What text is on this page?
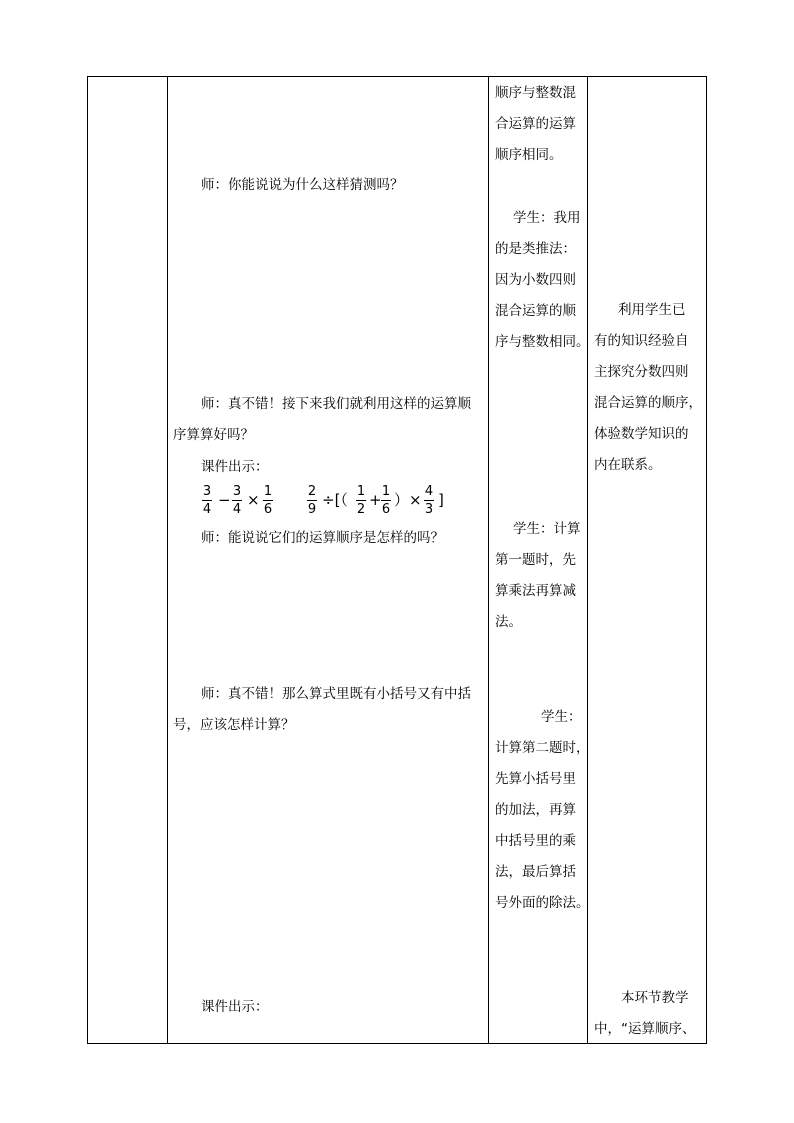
师：你能说说为什么这样猜测吗？
师：真不错！接下来我们就利用这样的运算顺
序算算好吗？
课件出示：
3
4
− 3
4
× 1
6
2
9
÷[（ 1
2
+ 1
6
）× 4
3
]
师：能说说它们的运算顺序是怎样的吗？
师：真不错！那么算式里既有小括号又有中括
号，应该怎样计算？
课件出示：
顺序与整数混
合运算的运算
顺序相同。
学生：我用
的是类推法：
因为小数四则
混合运算的顺
序与整数相同。
学生：计算
第一题时，先
算乘法再算减
法。
学生：
计算第二题时，
先算小括号里
的加法，再算
中括号里的乘
法，最后算括
号外面的除法。
利用学生已
有的知识经验自
主探究分数四则
混合运算的顺序，
体验数学知识的
内在联系。
本环节教学
中，“运算顺序、
